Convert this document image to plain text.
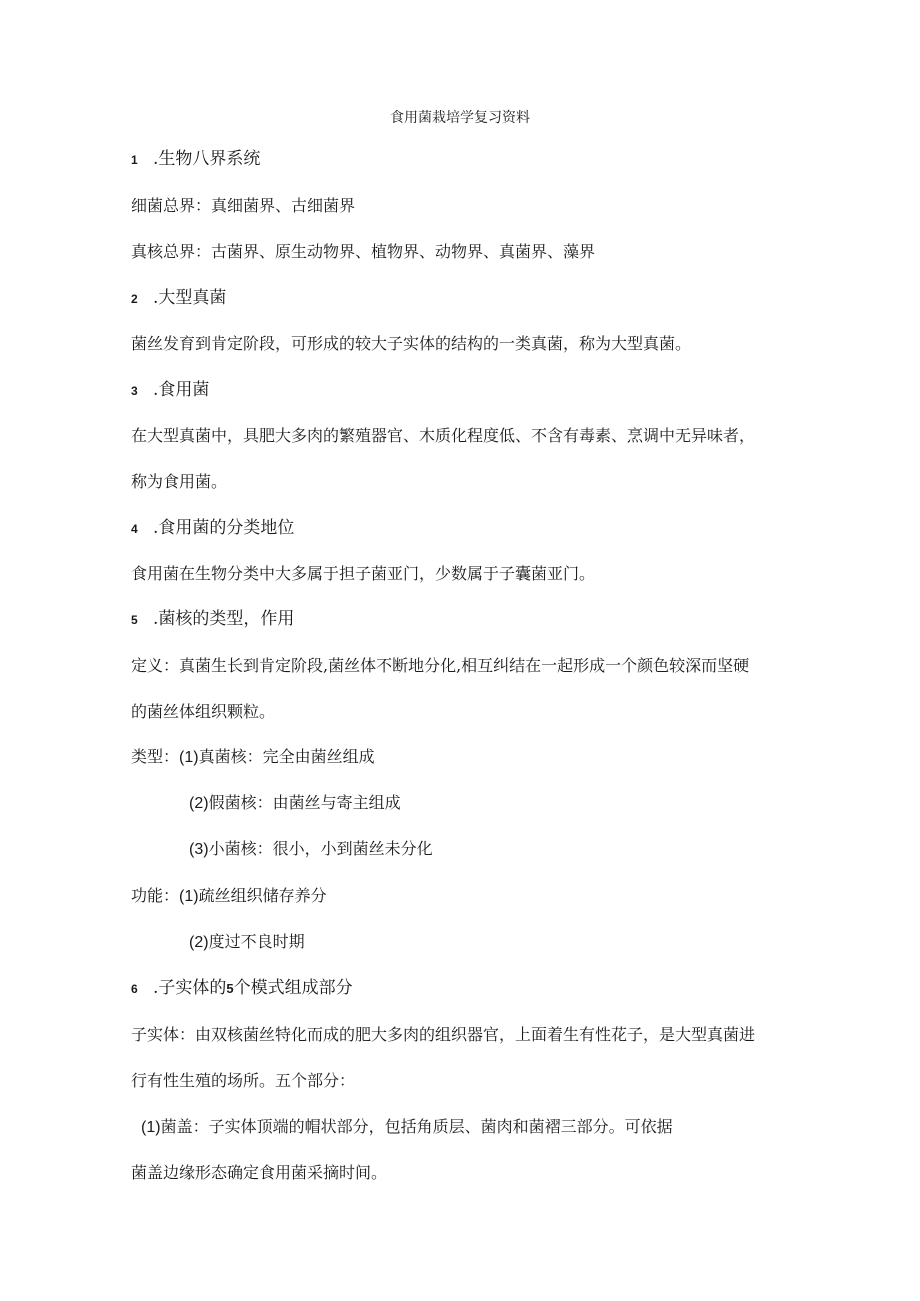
食用菌栽培学复习资料
1 .生物八界系统
细菌总界：真细菌界、古细菌界
真核总界：古菌界、原生动物界、植物界、动物界、真菌界、藻界
2 .大型真菌
菌丝发育到肯定阶段，可形成的较大子实体的结构的一类真菌，称为大型真菌。
3 .食用菌
在大型真菌中，具肥大多肉的繁殖器官、木质化程度低、不含有毒素、烹调中无异味者，
称为食用菌。
4 .食用菌的分类地位
食用菌在生物分类中大多属于担子菌亚门，少数属于子囊菌亚门。
5 .菌核的类型，作用
定义：真菌生长到肯定阶段,菌丝体不断地分化,相互纠结在一起形成一个颜色较深而坚硬
的菌丝体组织颗粒。
类型：(1)真菌核：完全由菌丝组成
(2)假菌核：由菌丝与寄主组成
(3)小菌核：很小，小到菌丝未分化
功能：(1)疏丝组织储存养分
(2)度过不良时期
6 .子实体的5个模式组成部分
子实体：由双核菌丝特化而成的肥大多肉的组织器官，上面着生有性花子，是大型真菌进
行有性生殖的场所。五个部分：
(1)菌盖：子实体顶端的帽状部分，包括角质层、菌肉和菌褶三部分。可依据
菌盖边缘形态确定食用菌采摘时间。
